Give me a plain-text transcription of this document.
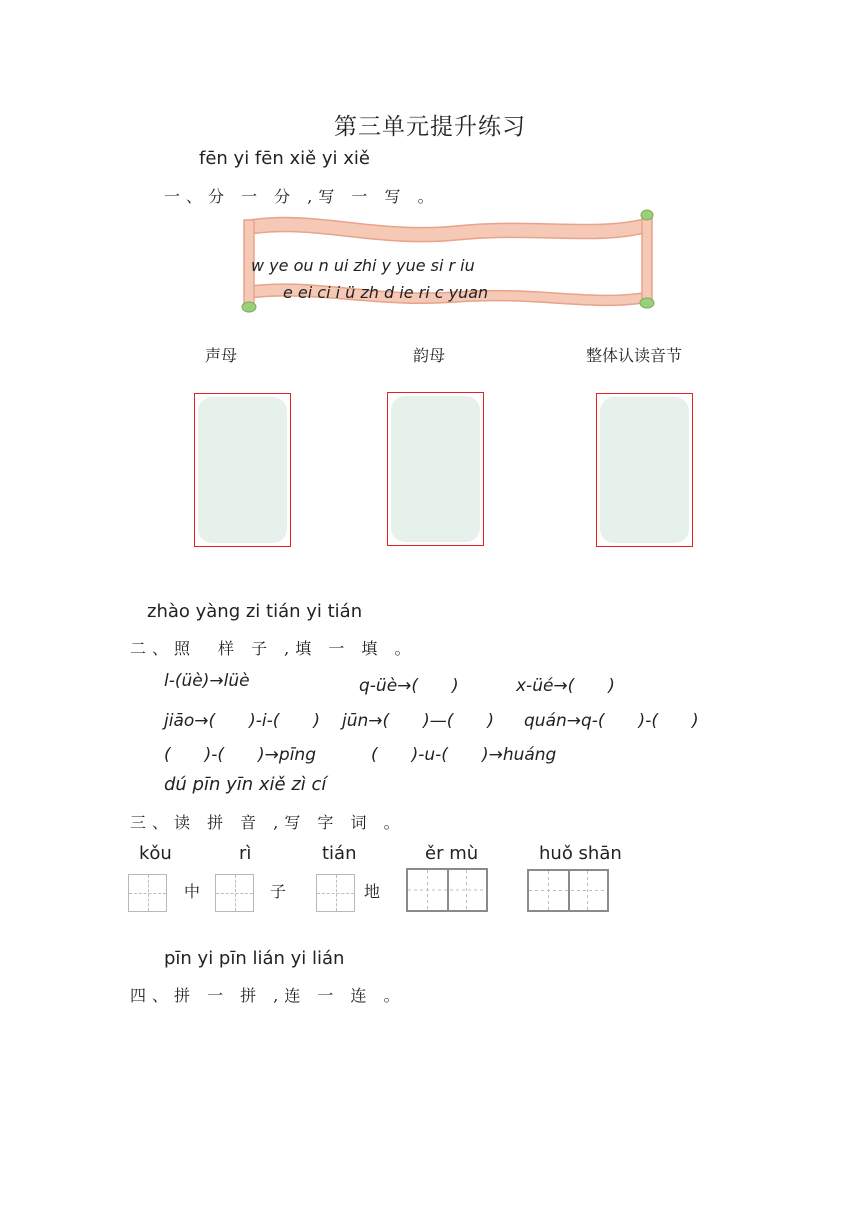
第三单元提升练习
fēn yi fēn xiě yi xiě
一、分 一 分 ,写 一 写 。
w ye ou n ui zhi y yue si r iu
e ei ci i ü zh d ie ri c yuan
声母	韵母	整体认读音节
zhào yàng zi tián yi tián
二、照　样 子 ,填 一 填 。
l-(üè)→lüè	q-üè→(　　)	x-üé→(　　)
jiāo→(　　)-i-(　　) jūn→(　　)—(　　) quán→q-(　　)-(　　)
(　　)-(　　)→pīng	(　　)-u-(　　)→huáng
dú pīn yīn xiě zì cí
三、读 拼 音 ,写 字 词 。
kǒu	rì	tián	ěr mù	huǒ shān
中	子	地
pīn yi pīn lián yi lián
四、拼 一 拼 ,连 一 连 。
